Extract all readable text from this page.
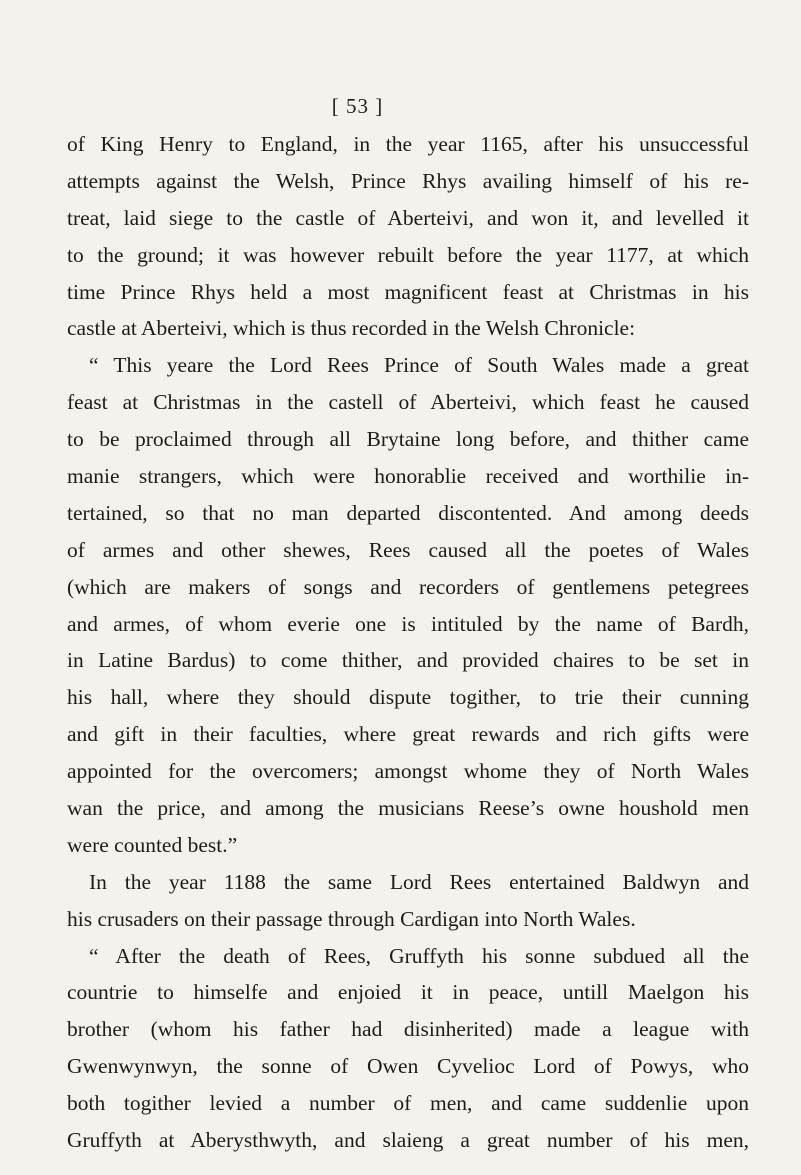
[ 53 ]
of King Henry to England, in the year 1165, after his unsuccessful
attempts against the Welsh, Prince Rhys availing himself of his re-
treat, laid siege to the castle of Aberteivi, and won it, and levelled it
to the ground; it was however rebuilt before the year 1177, at which
time Prince Rhys held a most magnificent feast at Christmas in his
castle at Aberteivi, which is thus recorded in the Welsh Chronicle:
“ This yeare the Lord Rees Prince of South Wales made a great
feast at Christmas in the castell of Aberteivi, which feast he caused
to be proclaimed through all Brytaine long before, and thither came
manie strangers, which were honorablie received and worthilie in-
tertained, so that no man departed discontented. And among deeds
of armes and other shewes, Rees caused all the poetes of Wales
(which are makers of songs and recorders of gentlemens petegrees
and armes, of whom everie one is intituled by the name of Bardh,
in Latine Bardus) to come thither, and provided chaires to be set in
his hall, where they should dispute togither, to trie their cunning
and gift in their faculties, where great rewards and rich gifts were
appointed for the overcomers; amongst whome they of North Wales
wan the price, and among the musicians Reese’s owne houshold men
were counted best.”
In the year 1188 the same Lord Rees entertained Baldwyn and
his crusaders on their passage through Cardigan into North Wales.
“ After the death of Rees, Gruffyth his sonne subdued all the
countrie to himselfe and enjoied it in peace, untill Maelgon his
brother (whom his father had disinherited) made a league with
Gwenwynwyn, the sonne of Owen Cyvelioc Lord of Powys, who
both togither levied a number of men, and came suddenlie upon
Gruffyth at Aberysthwyth, and slaieng a great number of his men,
